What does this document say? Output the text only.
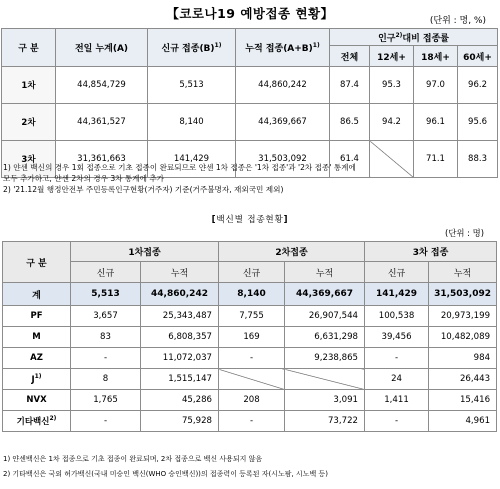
【코로나19 예방접종 현황】	(단위 : 명, %)
구 분	전일 누계(A)	신규 접종$(B)^{1)}$	누적 접종$(A+B)^{1)}$	인구$^{2)}$대비 접종률			
				전체	12세+	18세+	60세+
1차	44,854,729	5,513	44,860,242	87.4	95.3	97.0	96.2
2차	44,361,527	8,140	44,369,667	86.5	94.2	96.1	95.6
3차	31,361,663	141,429	31,503,092	61.4		71.1	88.3
1) 얀센 백신의 경우 1회 접종으로 기초 접종이 완료되므로 얀센 1차 접종은 '1차 접종'과 '2차 접종' 통계에
모두 추가하고, 얀센 2차의 경우 3차 통계에 추가
2) '21.12월 행정안전부 주민등록인구현황(거주자) 기준(거주불명자, 재외국민 제외)
[백신별 접종현황]
(단위 : 명)
구 분	1차접종		2차접종		3차 접종	
	신규	누적	신규	누적	신규	누적
계	5,513	44,860,242	8,140	44,369,667	141,429	31,503,092
PF	3,657	25,343,487	7,755	26,907,544	100,538	20,973,199
M	83	6,808,357	169	6,631,298	39,456	10,482,089
AZ	-	11,072,037	-	9,238,865	-	984
$J^{1)}$	8	1,515,147			24	26,443
NVX	1,765	45,286	208	3,091	1,411	15,416
기타백신$^{2)}$	-	75,928	-	73,722	-	4,961
1) 얀센백신은 1차 접종으로 기초 접종이 완료되며, 2차 접종으로 백신 사용되지 않음
2) 기타백신은 국외 허가백신(국내 미승인 백신(WHO 승인백신))의 접종력이 등록된 자(시노팜, 시노백 등)
